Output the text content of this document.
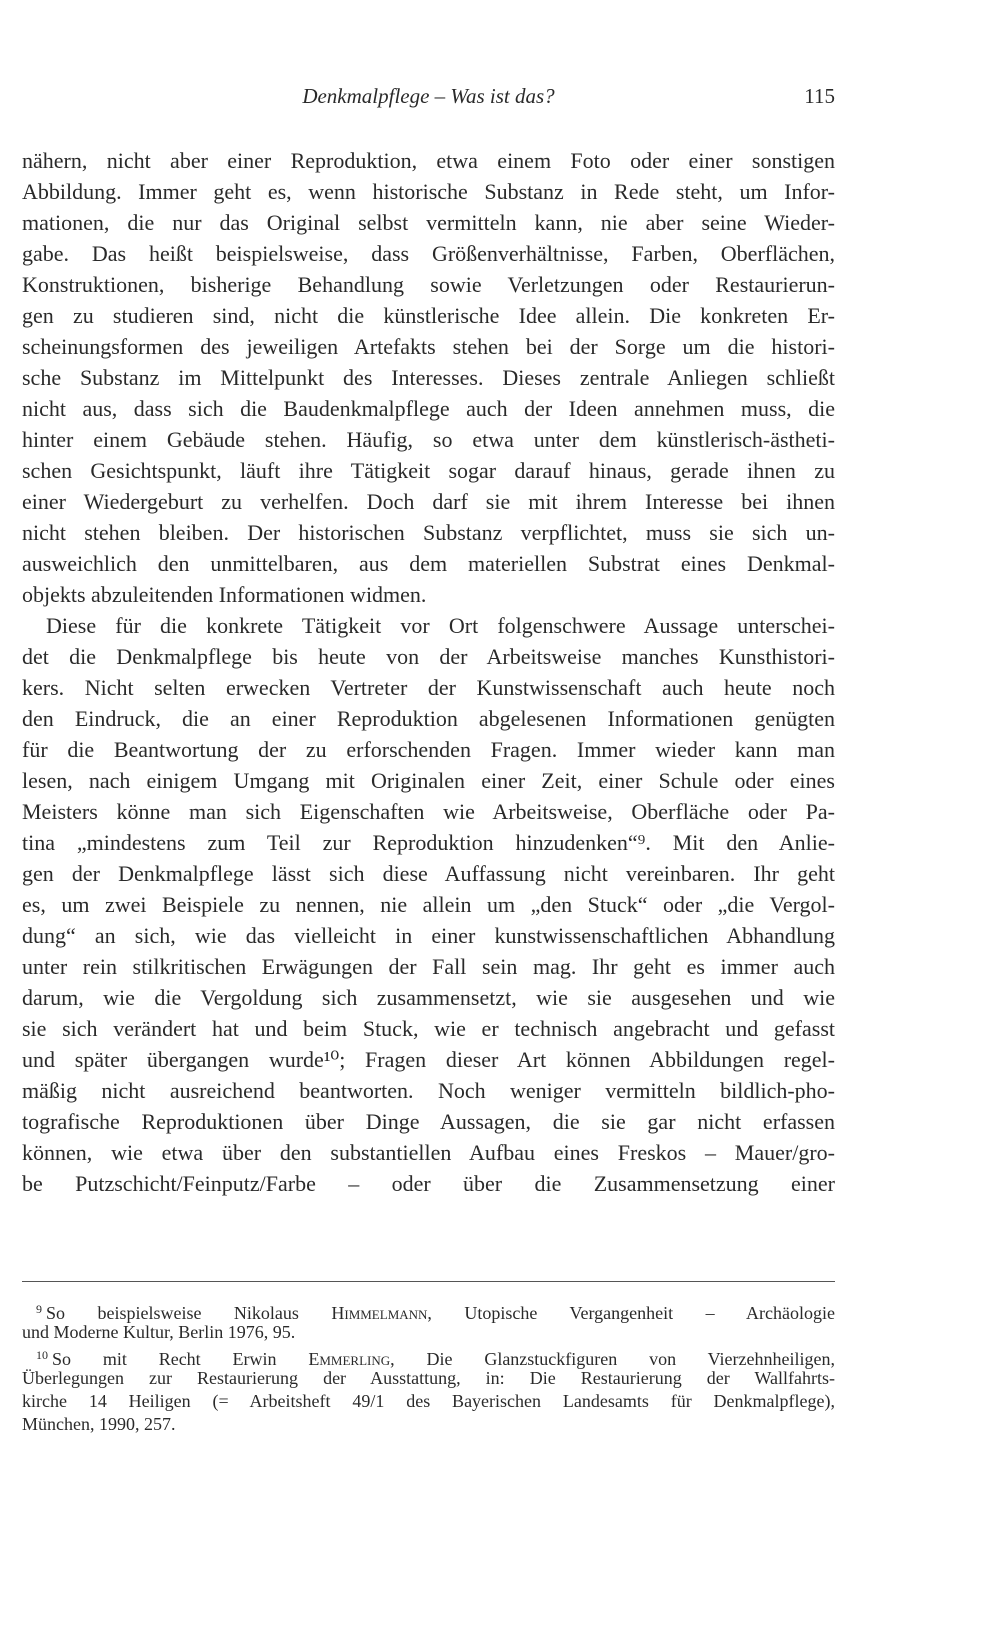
Denkmalpflege – Was ist das?	115
nähern, nicht aber einer Reproduktion, etwa einem Foto oder einer sonstigen
Abbildung. Immer geht es, wenn historische Substanz in Rede steht, um Infor-
mationen, die nur das Original selbst vermitteln kann, nie aber seine Wieder-
gabe. Das heißt beispielsweise, dass Größenverhältnisse, Farben, Oberflächen,
Konstruktionen, bisherige Behandlung sowie Verletzungen oder Restaurierun-
gen zu studieren sind, nicht die künstlerische Idee allein. Die konkreten Er-
scheinungsformen des jeweiligen Artefakts stehen bei der Sorge um die histori-
sche Substanz im Mittelpunkt des Interesses. Dieses zentrale Anliegen schließt
nicht aus, dass sich die Baudenkmalpflege auch der Ideen annehmen muss, die
hinter einem Gebäude stehen. Häufig, so etwa unter dem künstlerisch-ästheti-
schen Gesichtspunkt, läuft ihre Tätigkeit sogar darauf hinaus, gerade ihnen zu
einer Wiedergeburt zu verhelfen. Doch darf sie mit ihrem Interesse bei ihnen
nicht stehen bleiben. Der historischen Substanz verpflichtet, muss sie sich un-
ausweichlich den unmittelbaren, aus dem materiellen Substrat eines Denkmal-
objekts abzuleitenden Informationen widmen.
Diese für die konkrete Tätigkeit vor Ort folgenschwere Aussage unterschei-
det die Denkmalpflege bis heute von der Arbeitsweise manches Kunsthistori-
kers. Nicht selten erwecken Vertreter der Kunstwissenschaft auch heute noch
den Eindruck, die an einer Reproduktion abgelesenen Informationen genügten
für die Beantwortung der zu erforschenden Fragen. Immer wieder kann man
lesen, nach einigem Umgang mit Originalen einer Zeit, einer Schule oder eines
Meisters könne man sich Eigenschaften wie Arbeitsweise, Oberfläche oder Pa-
tina „mindestens zum Teil zur Reproduktion hinzudenken“⁹. Mit den Anlie-
gen der Denkmalpflege lässt sich diese Auffassung nicht vereinbaren. Ihr geht
es, um zwei Beispiele zu nennen, nie allein um „den Stuck“ oder „die Vergol-
dung“ an sich, wie das vielleicht in einer kunstwissenschaftlichen Abhandlung
unter rein stilkritischen Erwägungen der Fall sein mag. Ihr geht es immer auch
darum, wie die Vergoldung sich zusammensetzt, wie sie ausgesehen und wie
sie sich verändert hat und beim Stuck, wie er technisch angebracht und gefasst
und später übergangen wurde¹⁰; Fragen dieser Art können Abbildungen regel-
mäßig nicht ausreichend beantworten. Noch weniger vermitteln bildlich-pho-
tografische Reproduktionen über Dinge Aussagen, die sie gar nicht erfassen
können, wie etwa über den substantiellen Aufbau eines Freskos – Mauer/gro-
be Putzschicht/Feinputz/Farbe – oder über die Zusammensetzung einer
$^9$ So beispielsweise Nikolaus Himmelmann, Utopische Vergangenheit – Archäologie
und Moderne Kultur, Berlin 1976, 95.
$^{10}$ So mit Recht Erwin Emmerling, Die Glanzstuckfiguren von Vierzehnheiligen,
Überlegungen zur Restaurierung der Ausstattung, in: Die Restaurierung der Wallfahrts-
kirche 14 Heiligen (= Arbeitsheft 49/1 des Bayerischen Landesamts für Denkmalpflege),
München, 1990, 257.
